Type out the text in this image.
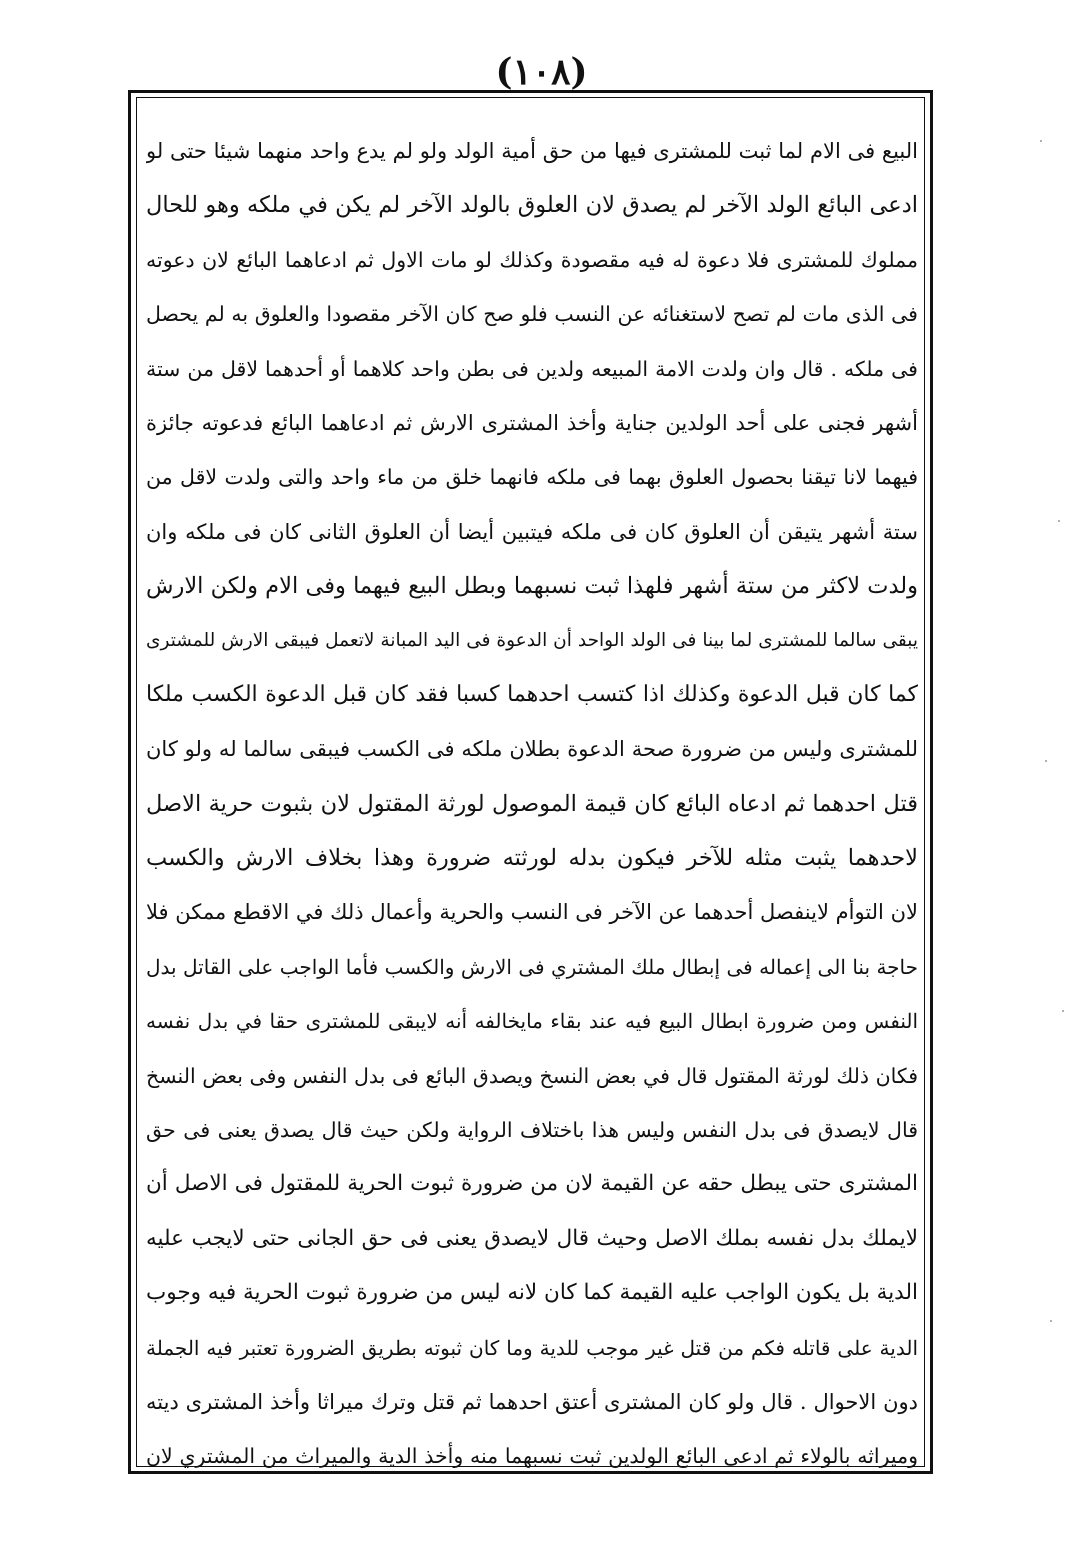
(١٠٨)
البيع فى الام لما ثبت للمشترى فيها من حق أمية الولد ولو لم يدع واحد منهما شيئا حتى لو
ادعى البائع الولد الآخر لم يصدق لان العلوق بالولد الآخر لم يكن في ملكه وهو للحال
مملوك للمشترى فلا دعوة له فيه مقصودة وكذلك لو مات الاول ثم ادعاهما البائع لان دعوته
فى الذى مات لم تصح لاستغنائه عن النسب فلو صح كان الآخر مقصودا والعلوق به لم يحصل
فى ملكه . قال وان ولدت الامة المبيعه ولدين فى بطن واحد كلاهما أو أحدهما لاقل من ستة
أشهر فجنى على أحد الولدين جناية وأخذ المشترى الارش ثم ادعاهما البائع فدعوته جائزة
فيهما لانا تيقنا بحصول العلوق بهما فى ملكه فانهما خلق من ماء واحد والتى ولدت لاقل من
ستة أشهر يتيقن أن العلوق كان فى ملكه فيتبين أيضا أن العلوق الثانى كان فى ملكه وان
ولدت لاكثر من ستة أشهر فلهذا ثبت نسبهما وبطل البيع فيهما وفى الام ولكن الارش
يبقى سالما للمشترى لما بينا فى الولد الواحد أن الدعوة فى اليد المبانة لاتعمل فيبقى الارش للمشترى
كما كان قبل الدعوة وكذلك اذا كتسب احدهما كسبا فقد كان قبل الدعوة الكسب ملكا
للمشترى وليس من ضرورة صحة الدعوة بطلان ملكه فى الكسب فيبقى سالما له ولو كان
قتل احدهما ثم ادعاه البائع كان قيمة الموصول لورثة المقتول لان بثبوت حرية الاصل
لاحدهما يثبت مثله للآخر فيكون بدله لورثته ضرورة وهذا بخلاف الارش والكسب
لان التوأم لاينفصل أحدهما عن الآخر فى النسب والحرية وأعمال ذلك في الاقطع ممكن فلا
حاجة بنا الى إعماله فى إبطال ملك المشتري فى الارش والكسب فأما الواجب على القاتل بدل
النفس ومن ضرورة ابطال البيع فيه عند بقاء مايخالفه أنه لايبقى للمشترى حقا في بدل نفسه
فكان ذلك لورثة المقتول قال في بعض النسخ ويصدق البائع فى بدل النفس وفى بعض النسخ
قال لايصدق فى بدل النفس وليس هذا باختلاف الرواية ولكن حيث قال يصدق يعنى فى حق
المشترى حتى يبطل حقه عن القيمة لان من ضرورة ثبوت الحرية للمقتول فى الاصل أن
لايملك بدل نفسه بملك الاصل وحيث قال لايصدق يعنى فى حق الجانى حتى لايجب عليه
الدية بل يكون الواجب عليه القيمة كما كان لانه ليس من ضرورة ثبوت الحرية فيه وجوب
الدية على قاتله فكم من قتل غير موجب للدية وما كان ثبوته بطريق الضرورة تعتبر فيه الجملة
دون الاحوال . قال ولو كان المشترى أعتق احدهما ثم قتل وترك ميراثا وأخذ المشترى ديته
وميراثه بالولاء ثم ادعى البائع الولدين ثبت نسبهما منه وأخذ الدية والميراث من المشتري لان
